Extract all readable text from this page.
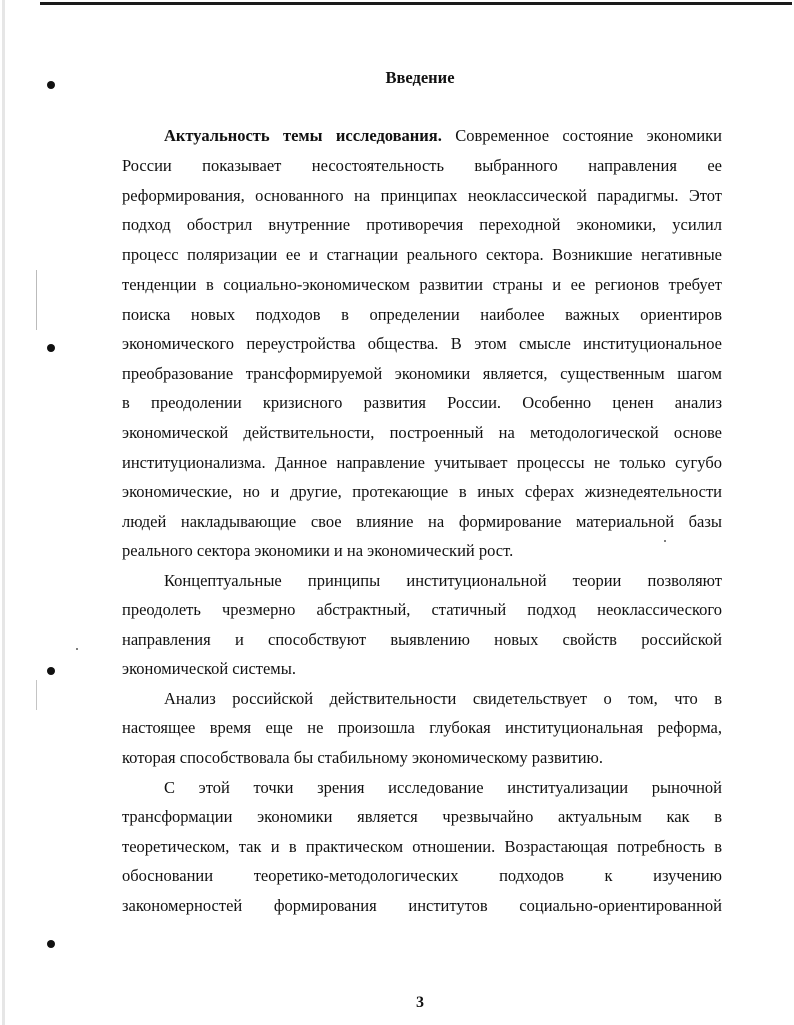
Введение
Актуальность темы исследования. Современное состояние экономики
России показывает несостоятельность выбранного направления ее
реформирования, основанного на принципах неоклассической парадигмы. Этот
подход обострил внутренние противоречия переходной экономики, усилил
процесс поляризации ее и стагнации реального сектора. Возникшие негативные
тенденции в социально-экономическом развитии страны и ее регионов требует
поиска новых подходов в определении наиболее важных ориентиров
экономического переустройства общества. В этом смысле институциональное
преобразование трансформируемой экономики является, существенным шагом
в преодолении кризисного развития России. Особенно ценен анализ
экономической действительности, построенный на методологической основе
институционализма. Данное направление учитывает процессы не только сугубо
экономические, но и другие, протекающие в иных сферах жизнедеятельности
людей накладывающие свое влияние на формирование материальной базы
реального сектора экономики и на экономический рост.
Концептуальные принципы институциональной теории позволяют
преодолеть чрезмерно абстрактный, статичный подход неоклассического
направления и способствуют выявлению новых свойств российской
экономической системы.
Анализ российской действительности свидетельствует о том, что в
настоящее время еще не произошла глубокая институциональная реформа,
которая способствовала бы стабильному экономическому развитию.
С этой точки зрения исследование институализации рыночной
трансформации экономики является чрезвычайно актуальным как в
теоретическом, так и в практическом отношении. Возрастающая потребность в
обосновании теоретико-методологических подходов к изучению
закономерностей формирования институтов социально-ориентированной
3
